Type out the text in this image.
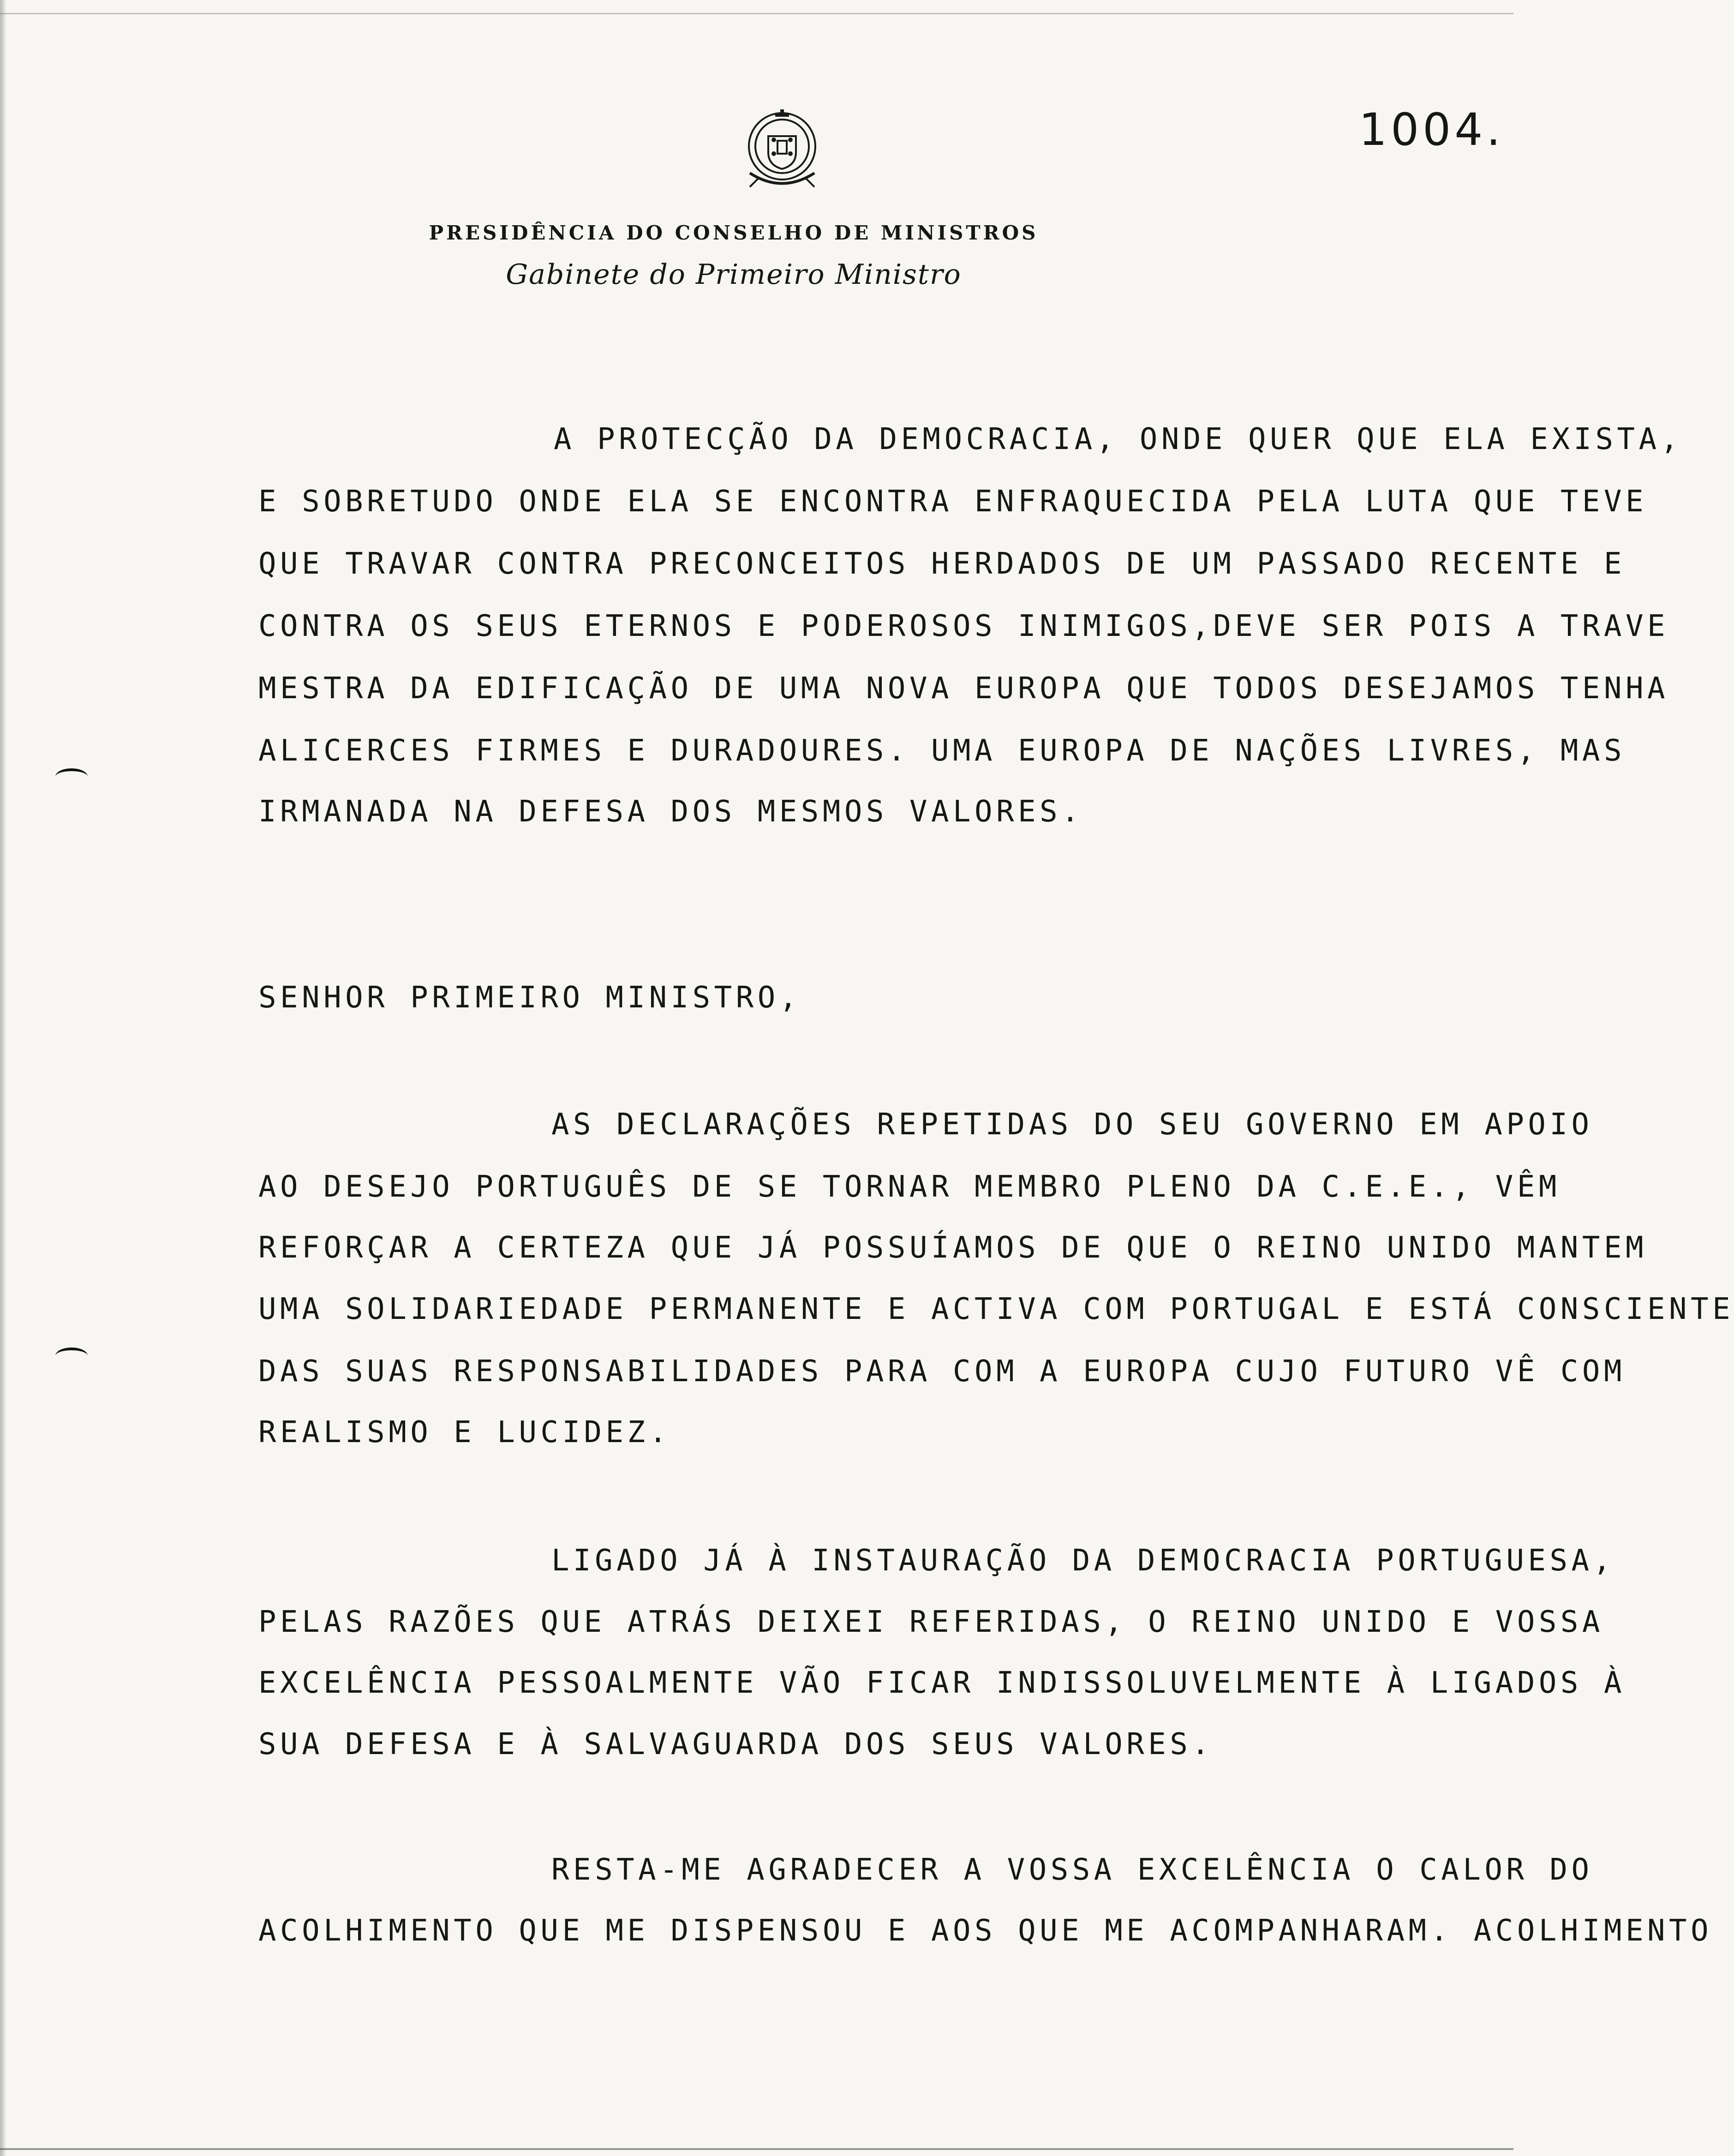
1004.
PRESIDÊNCIA DO CONSELHO DE MINISTROS
Gabinete do Primeiro Ministro
A PROTECÇÃO DA DEMOCRACIA, ONDE QUER QUE ELA EXISTA,
E SOBRETUDO ONDE ELA SE ENCONTRA ENFRAQUECIDA PELA LUTA QUE TEVE
QUE TRAVAR CONTRA PRECONCEITOS HERDADOS DE UM PASSADO RECENTE E
CONTRA OS SEUS ETERNOS E PODEROSOS INIMIGOS,DEVE SER POIS A TRAVE
MESTRA DA EDIFICAÇÃO DE UMA NOVA EUROPA QUE TODOS DESEJAMOS TENHA
ALICERCES FIRMES E DURADOURES. UMA EUROPA DE NAÇÕES LIVRES, MAS
IRMANADA NA DEFESA DOS MESMOS VALORES.
SENHOR PRIMEIRO MINISTRO,
AS DECLARAÇÕES REPETIDAS DO SEU GOVERNO EM APOIO
AO DESEJO PORTUGUÊS DE SE TORNAR MEMBRO PLENO DA C.E.E., VÊM
REFORÇAR A CERTEZA QUE JÁ POSSUÍAMOS DE QUE O REINO UNIDO MANTEM
UMA SOLIDARIEDADE PERMANENTE E ACTIVA COM PORTUGAL E ESTÁ CONSCIENTE
DAS SUAS RESPONSABILIDADES PARA COM A EUROPA CUJO FUTURO VÊ COM
REALISMO E LUCIDEZ.
LIGADO JÁ À INSTAURAÇÃO DA DEMOCRACIA PORTUGUESA,
PELAS RAZÕES QUE ATRÁS DEIXEI REFERIDAS, O REINO UNIDO E VOSSA
EXCELÊNCIA PESSOALMENTE VÃO FICAR INDISSOLUVELMENTE À LIGADOS À
SUA DEFESA E À SALVAGUARDA DOS SEUS VALORES.
RESTA-ME AGRADECER A VOSSA EXCELÊNCIA O CALOR DO
ACOLHIMENTO QUE ME DISPENSOU E AOS QUE ME ACOMPANHARAM. ACOLHIMENTO
